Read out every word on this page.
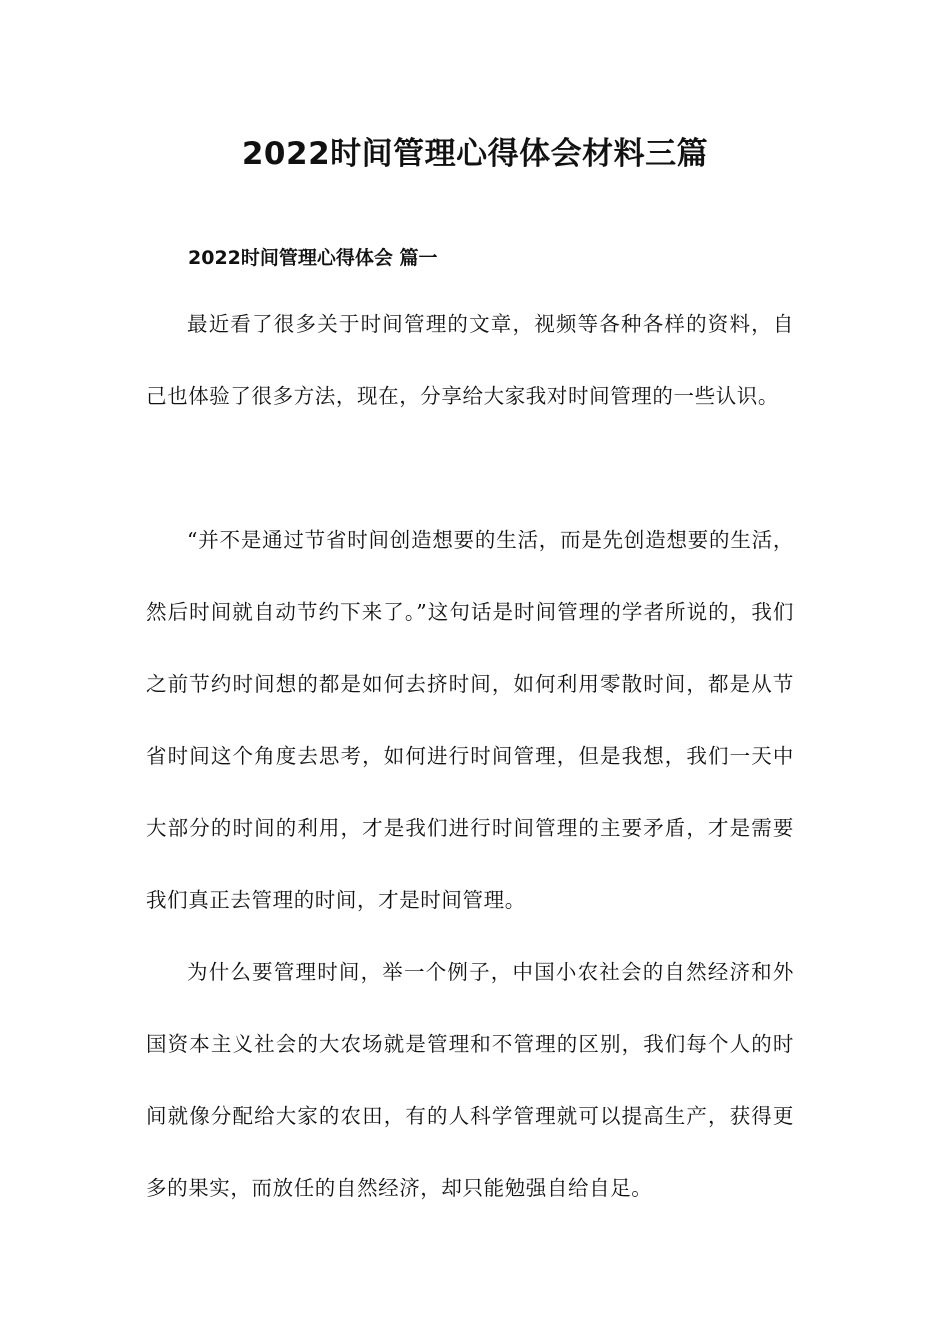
2022时间管理心得体会材料三篇
2022时间管理心得体会 篇一

最近看了很多关于时间管理的文章，视频等各种各样的资料，自己也体验了很多方法，现在，分享给大家我对时间管理的一些认识。

“并不是通过节省时间创造想要的生活，而是先创造想要的生活，然后时间就自动节约下来了。”这句话是时间管理的学者所说的，我们之前节约时间想的都是如何去挤时间，如何利用零散时间，都是从节省时间这个角度去思考，如何进行时间管理，但是我想，我们一天中大部分的时间的利用，才是我们进行时间管理的主要矛盾，才是需要我们真正去管理的时间，才是时间管理。

为什么要管理时间，举一个例子，中国小农社会的自然经济和外国资本主义社会的大农场就是管理和不管理的区别，我们每个人的时间就像分配给大家的农田，有的人科学管理就可以提高生产，获得更多的果实，而放任的自然经济，却只能勉强自给自足。
